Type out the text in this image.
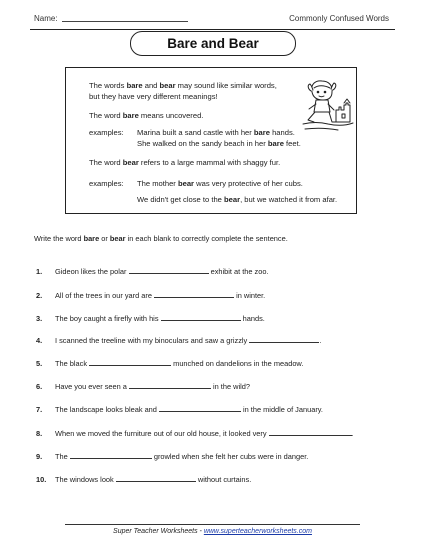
Name:	Commonly Confused Words
Bare and Bear
The words bare and bear may sound like similar words,
but they have very different meanings!
The word bare means uncovered.
examples: Marina built a sand castle with her bare hands.
She walked on the sandy beach in her bare feet.
The word bear refers to a large mammal with shaggy fur.
examples: The mother bear was very protective of her cubs.
We didn't get close to the bear, but we watched it from afar.
Write the word bare or bear in each blank to correctly complete the sentence.
1. Gideon likes the polar	exhibit at the zoo.
2. All of the trees in our yard are	in winter.
3. The boy caught a firefly with his	hands.
4. I scanned the treeline with my binoculars and saw a grizzly	.
5. The black	munched on dandelions in the meadow.
6. Have you ever seen a	in the wild?
7. The landscape looks bleak and	in the middle of January.
8. When we moved the furniture out of our old house, it looked very	.
9. The	growled when she felt her cubs were in danger.
10. The windows look	without curtains.
Super Teacher Worksheets - www.superteacherworksheets.com
